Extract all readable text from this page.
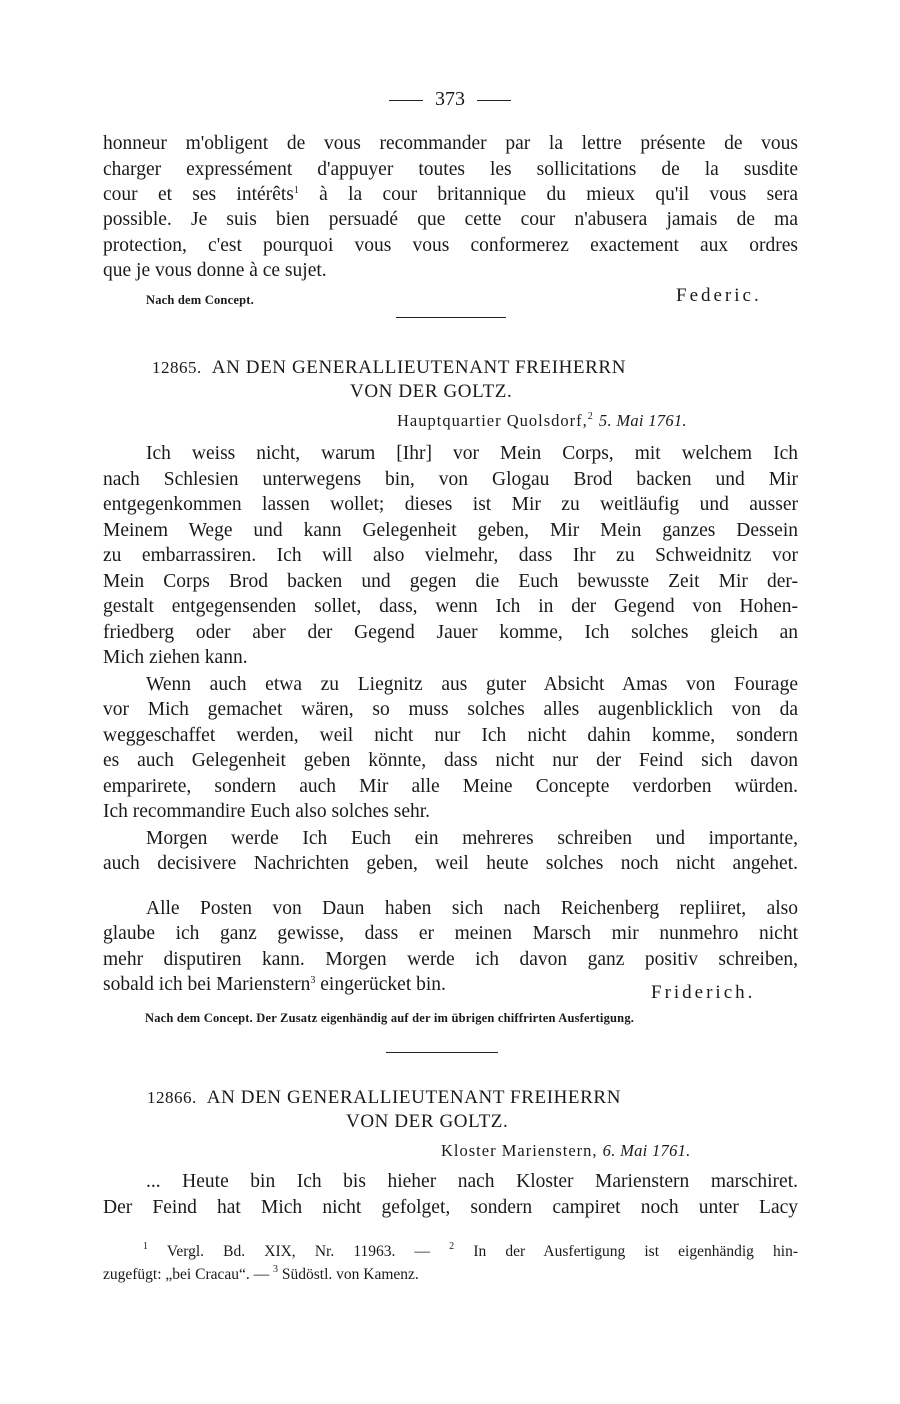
373
honneur m'obligent de vous recommander par la lettre présente de vous
charger expressément d'appuyer toutes les sollicitations de la susdite
cour et ses intérêts$^1$ à la cour britannique du mieux qu'il vous sera
possible. Je suis bien persuadé que cette cour n'abusera jamais de ma
protection, c'est pourquoi vous vous conformerez exactement aux ordres
que je vous donne à ce sujet.
Nach dem Concept.	Federic.
12865. AN DEN GENERALLIEUTENANT FREIHERRN
VON DER GOLTZ.
Hauptquartier Quolsdorf,$^2$ 5. Mai 1761.
Ich weiss nicht, warum [Ihr] vor Mein Corps, mit welchem Ich
nach Schlesien unterwegens bin, von Glogau Brod backen und Mir
entgegenkommen lassen wollet; dieses ist Mir zu weitläufig und ausser
Meinem Wege und kann Gelegenheit geben, Mir Mein ganzes Dessein
zu embarrassiren. Ich will also vielmehr, dass Ihr zu Schweidnitz vor
Mein Corps Brod backen und gegen die Euch bewusste Zeit Mir der-
gestalt entgegensenden sollet, dass, wenn Ich in der Gegend von Hohen-
friedberg oder aber der Gegend Jauer komme, Ich solches gleich an
Mich ziehen kann.
Wenn auch etwa zu Liegnitz aus guter Absicht Amas von Fourage
vor Mich gemachet wären, so muss solches alles augenblicklich von da
weggeschaffet werden, weil nicht nur Ich nicht dahin komme, sondern
es auch Gelegenheit geben könnte, dass nicht nur der Feind sich davon
emparirete, sondern auch Mir alle Meine Concepte verdorben würden.
Ich recommandire Euch also solches sehr.
Morgen werde Ich Euch ein mehreres schreiben und importante,
auch decisivere Nachrichten geben, weil heute solches noch nicht angehet.
Alle Posten von Daun haben sich nach Reichenberg repliiret, also
glaube ich ganz gewisse, dass er meinen Marsch mir nunmehro nicht
mehr disputiren kann. Morgen werde ich davon ganz positiv schreiben,
sobald ich bei Marienstern$^3$ eingerücket bin.	Friderich.
Nach dem Concept. Der Zusatz eigenhändig auf der im übrigen chiffrirten Ausfertigung.
12866. AN DEN GENERALLIEUTENANT FREIHERRN
VON DER GOLTZ.
Kloster Marienstern, 6. Mai 1761.
... Heute bin Ich bis hieher nach Kloster Marienstern marschiret.
Der Feind hat Mich nicht gefolget, sondern campiret noch unter Lacy
$^1$ Vergl. Bd. XIX, Nr. 11963. — $^2$ In der Ausfertigung ist eigenhändig hin-
zugefügt: „bei Cracau“. — $^3$ Südöstl. von Kamenz.
